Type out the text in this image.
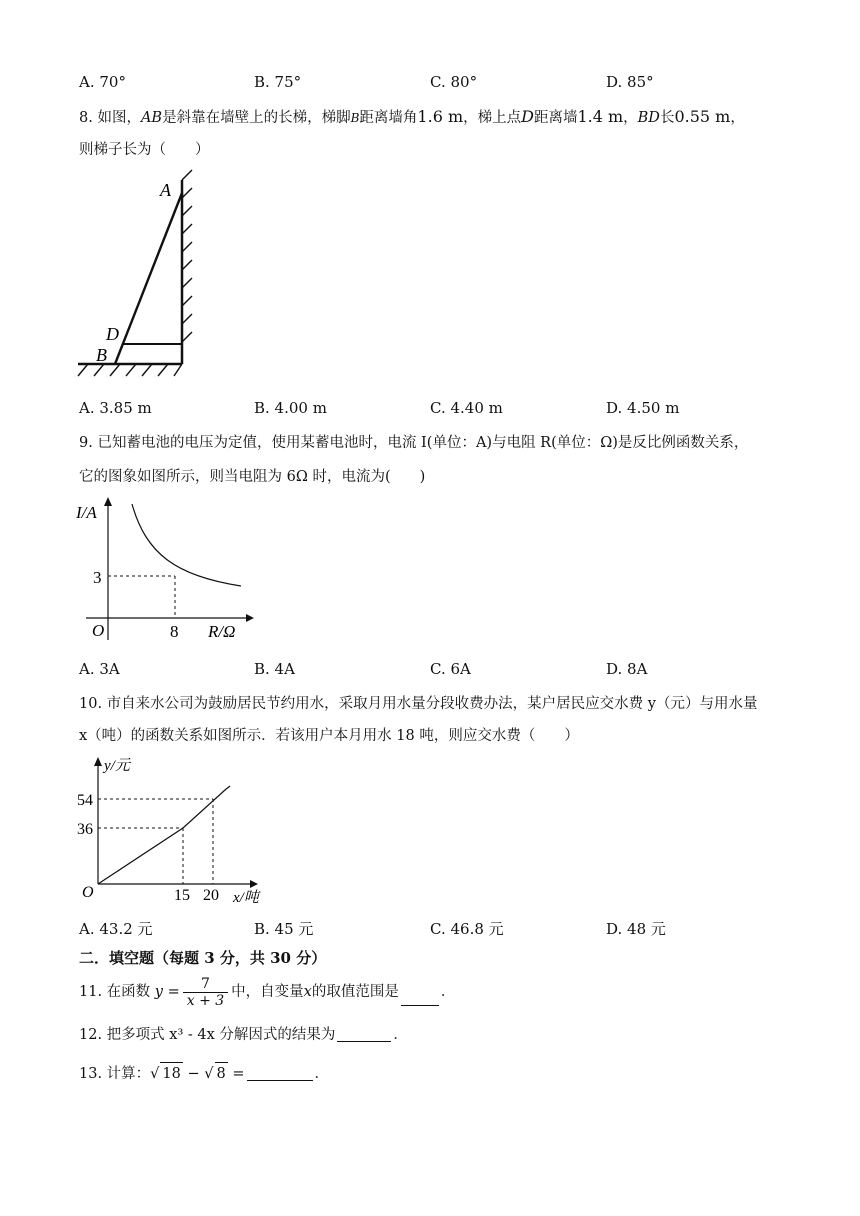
A. 70°	B. 75°	C. 80°	D. 85°
8. 如图，AB是斜靠在墙壁上的长梯，梯脚B距离墙角1.6 m，梯上点D距离墙1.4 m，BD长0.55 m，
则梯子长为（　　）
A
D
B
A. 3.85 m	B. 4.00 m	C. 4.40 m	D. 4.50 m
9. 已知蓄电池的电压为定值，使用某蓄电池时，电流 I(单位：A)与电阻 R(单位：Ω)是反比例函数关系，
它的图象如图所示，则当电阻为 6Ω 时，电流为(　　)
I/A
R/Ω
O
3
8
A. 3A	B. 4A	C. 6A	D. 8A
10. 市自来水公司为鼓励居民节约用水，采取月用水量分段收费办法，某户居民应交水费 y（元）与用水量
x（吨）的函数关系如图所示．若该用户本月用水 18 吨，则应交水费（　　）
y/元
x/吨
O
54
36
15 20
A. 43.2 元	B. 45 元	C. 46.8 元	D. 48 元
二．填空题（每题 3 分，共 30 分）
11. 在函数 $y = \frac{7}{x + 3}$ 中，自变量x的取值范围是	．
12. 把多项式 x³ - 4x 分解因式的结果为	．
13. 计算：√ 18 − √ 8 =	．
